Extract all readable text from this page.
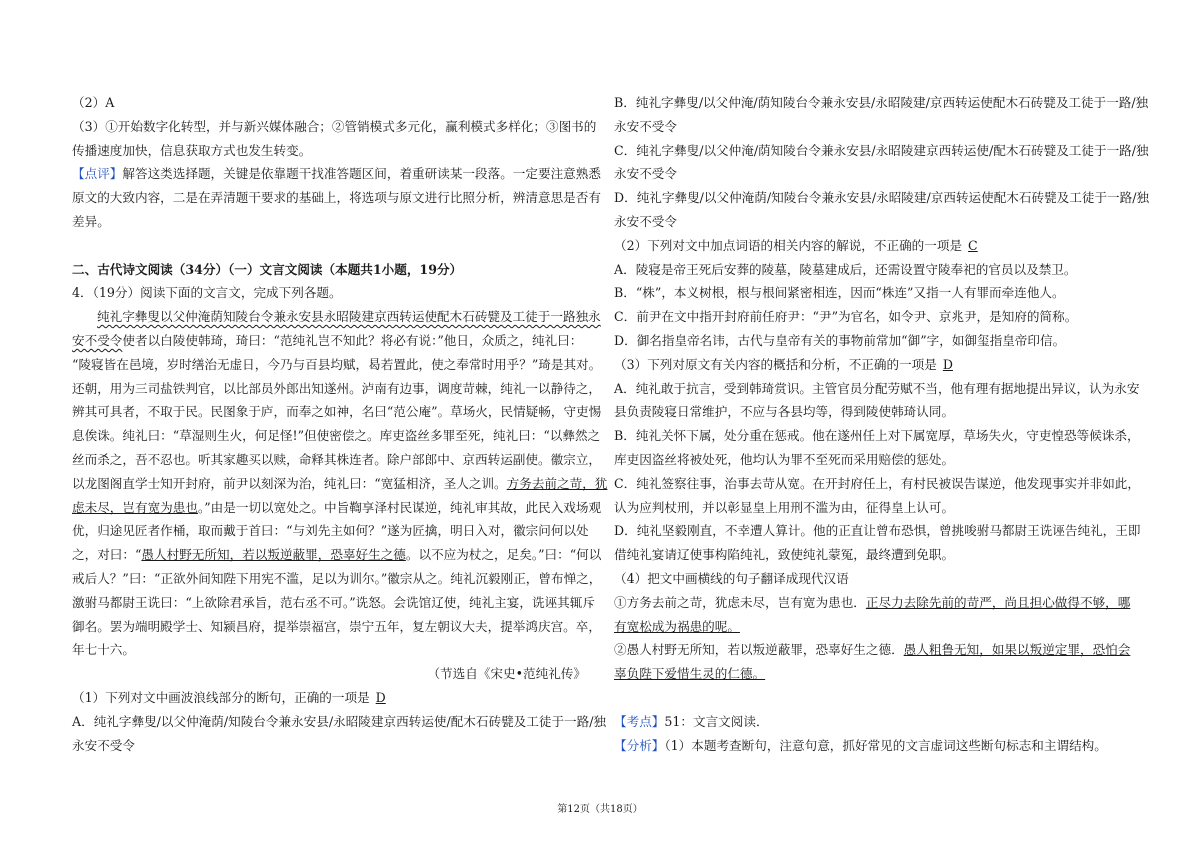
（2）A
（3）①开始数字化转型，并与新兴媒体融合；②管销模式多元化，赢利模式多样化；③图书的
传播速度加快，信息获取方式也发生转变。
【点评】解答这类选择题，关键是依靠题干找准答题区间，着重研读某一段落。一定要注意熟悉
原文的大致内容，二是在弄清题干要求的基础上，将选项与原文进行比照分析，辨清意思是否有
差异。
二、古代诗文阅读（34分）（一）文言文阅读（本题共1小题，19分）
4．（19分）阅读下面的文言文，完成下列各题。
纯礼字彝叟以父仲淹荫知陵台令兼永安县永昭陵建京西转运使配木石砖甓及工徒于一路独永
安不受令使者以白陵使韩琦，琦曰：“范纯礼岂不知此？将必有说：”他日，众质之，纯礼曰：
“陵寝皆在邑境，岁时缮治无虚日，今乃与百县均赋，曷若置此，使之奉常时用乎？”琦是其对。
还朝，用为三司盐铁判官，以比部员外郎出知遂州。泸南有边事，调度苛棘，纯礼一以静待之，
辨其可具者，不取于民。民图象于庐，而奉之如神，名曰“范公庵”。草场火，民情疑畅，守吏惕
息俟诛。纯礼曰：“草湿则生火，何足怪!”但使密偿之。库吏盗丝多罪至死，纯礼曰：“以彝然之
丝而杀之，吾不忍也。听其家趣买以赎，命释其株连者。除户部郎中、京西转运副使。徽宗立，
以龙图阁直学士知开封府，前尹以刻深为治，纯礼曰：“宽猛相济，圣人之训。方务去前之苛，犹
虑未尽，岂有宽为患也。”由是一切以宽处之。中旨鞫享泽村民谋逆，纯礼审其故，此民入戏场观
优，归途见匠者作桶，取而戴于首曰：“与刘先主如何？”遂为匠擒，明日入对，徽宗问何以处
之，对曰：“愚人村野无所知，若以叛逆蔽罪，恐辜好生之德。以不应为杖之，足矣。”曰：“何以
戒后人？”曰：“正欲外间知陛下用宪不滥，足以为训尔。”徽宗从之。纯礼沉毅刚正，曾布惮之，
激驸马都尉王诜曰：“上欲除君承旨，范右丞不可。”诜怒。会诜馆辽使，纯礼主宴，诜诬其辄斥
御名。罢为端明殿学士、知颍昌府，提举崇福宫，崇宁五年，复左朝议大夫，提举鸿庆宫。卒，
年七十六。
（节选自《宋史•范纯礼传》
（1）下列对文中画波浪线部分的断句，正确的一项是 D
A．纯礼字彝叟/以父仲淹荫/知陵台令兼永安县/永昭陵建京西转运使/配木石砖甓及工徒于一路/独
永安不受令
B．纯礼字彝叟/以父仲淹/荫知陵台令兼永安县/永昭陵建/京西转运使配木石砖甓及工徒于一路/独
永安不受令
C．纯礼字彝叟/以父仲淹/荫知陵台令兼永安县/永昭陵建京西转运使/配木石砖甓及工徒于一路/独
永安不受令
D．纯礼字彝叟/以父仲淹荫/知陵台令兼永安县/永昭陵建/京西转运使配木石砖甓及工徒于一路/独
永安不受令
（2）下列对文中加点词语的相关内容的解说，不正确的一项是 C
A．陵寝是帝王死后安葬的陵墓，陵墓建成后，还需设置守陵奉祀的官员以及禁卫。
B．“株”，本义树根，根与根间紧密相连，因而“株连”又指一人有罪而牵连他人。
C．前尹在文中指开封府前任府尹：“尹”为官名，如令尹、京兆尹，是知府的简称。
D．御名指皇帝名讳，古代与皇帝有关的事物前常加“御”字，如御玺指皇帝印信。
（3）下列对原文有关内容的概括和分析，不正确的一项是 D
A．纯礼敢于抗言，受到韩琦赏识。主管官员分配劳赋不当，他有理有据地提出异议，认为永安
县负责陵寝日常维护，不应与各县均等，得到陵使韩琦认同。
B．纯礼关怀下属，处分重在惩戒。他在遂州任上对下属宽厚，草场失火，守吏惶恐等候诛杀，
库吏因盗丝将被处死，他均认为罪不至死而采用赔偿的惩处。
C．纯礼签察往事，治事去苛从宽。在开封府任上，有村民被误告谋逆，他发现事实并非如此，
认为应判杖刑，并以彰显皇上用刑不滥为由，征得皇上认可。
D．纯礼坚毅刚直，不幸遭人算计。他的正直让曾布恐惧，曾挑唆驸马都尉王诜诬告纯礼，王即
借纯礼宴请辽使事构陷纯礼，致使纯礼蒙冤，最终遭到免职。
（4）把文中画横线的句子翻译成现代汉语
①方务去前之苛，犹虑未尽，岂有宽为患也．正尽力去除先前的苛严，尚且担心做得不够，哪
有宽松成为祸患的呢。
②愚人村野无所知，若以叛逆蔽罪，恐辜好生之德．愚人粗鲁无知，如果以叛逆定罪，恐怕会
辜负陛下爱惜生灵的仁德。
【考点】51：文言文阅读．
【分析】（1）本题考查断句，注意句意，抓好常见的文言虚词这些断句标志和主谓结构。
第12页（共18页）
